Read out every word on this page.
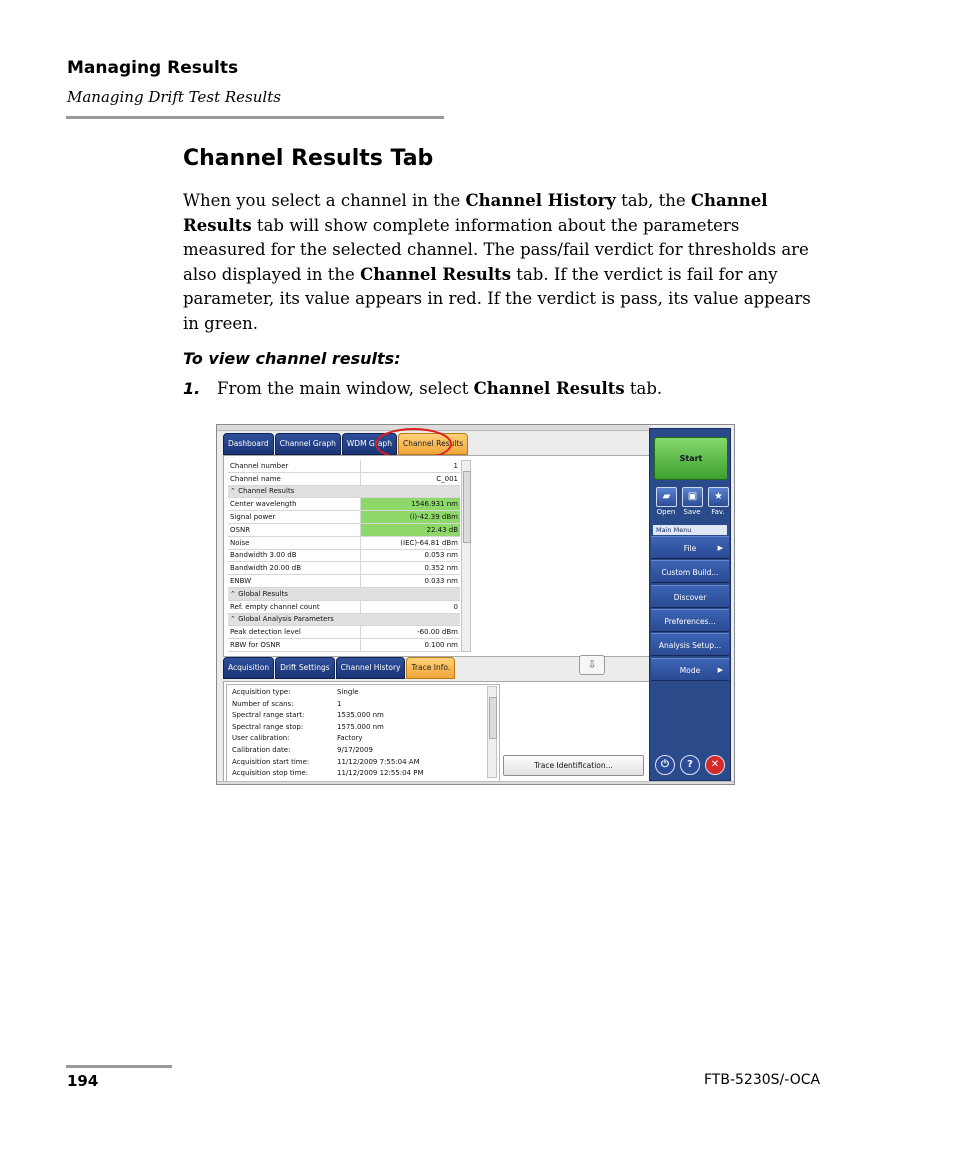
Managing Results
Managing Drift Test Results
Channel Results Tab
When you select a channel in the Channel History tab, the Channel Results tab will show complete information about the parameters measured for the selected channel. The pass/fail verdict for thresholds are also displayed in the Channel Results tab. If the verdict is fail for any parameter, its value appears in red. If the verdict is pass, its value appears in green.
To view channel results:
1. From the main window, select Channel Results tab.
Dashboard	Channel Graph	WDM Graph	Channel Results
Channel number	1
Channel name	C_001
⌃ Channel Results	
Center wavelength	1546.931 nm
Signal power	(i)-42.39 dBm
OSNR	22.43 dB
Noise	(IEC)-64.81 dBm
Bandwidth 3.00 dB	0.053 nm
Bandwidth 20.00 dB	0.352 nm
ENBW	0.033 nm
⌃ Global Results	
Ref. empty channel count	0
⌃ Global Analysis Parameters	
Peak detection level	-60.00 dBm
RBW for OSNR	0.100 nm
Acquisition	Drift Settings	Channel History	Trace Info.	⇩
Acquisition type:	Single
Number of scans:	1
Spectral range start:	1535.000 nm
Spectral range stop:	1575.000 nm
User calibration:	Factory
Calibration date:	9/17/2009
Acquisition start time:	11/12/2009 7:55:04 AM
Acquisition stop time:	11/12/2009 12:55:04 PM
Trace Identification...
Start
Main Menu
▰
Open
▣
Save
★
Fav.
File	▶
Custom Build...
Discover
Preferences...
Analysis Setup...
Mode ▶
⏻	?	✕
194	FTB-5230S/-OCA
